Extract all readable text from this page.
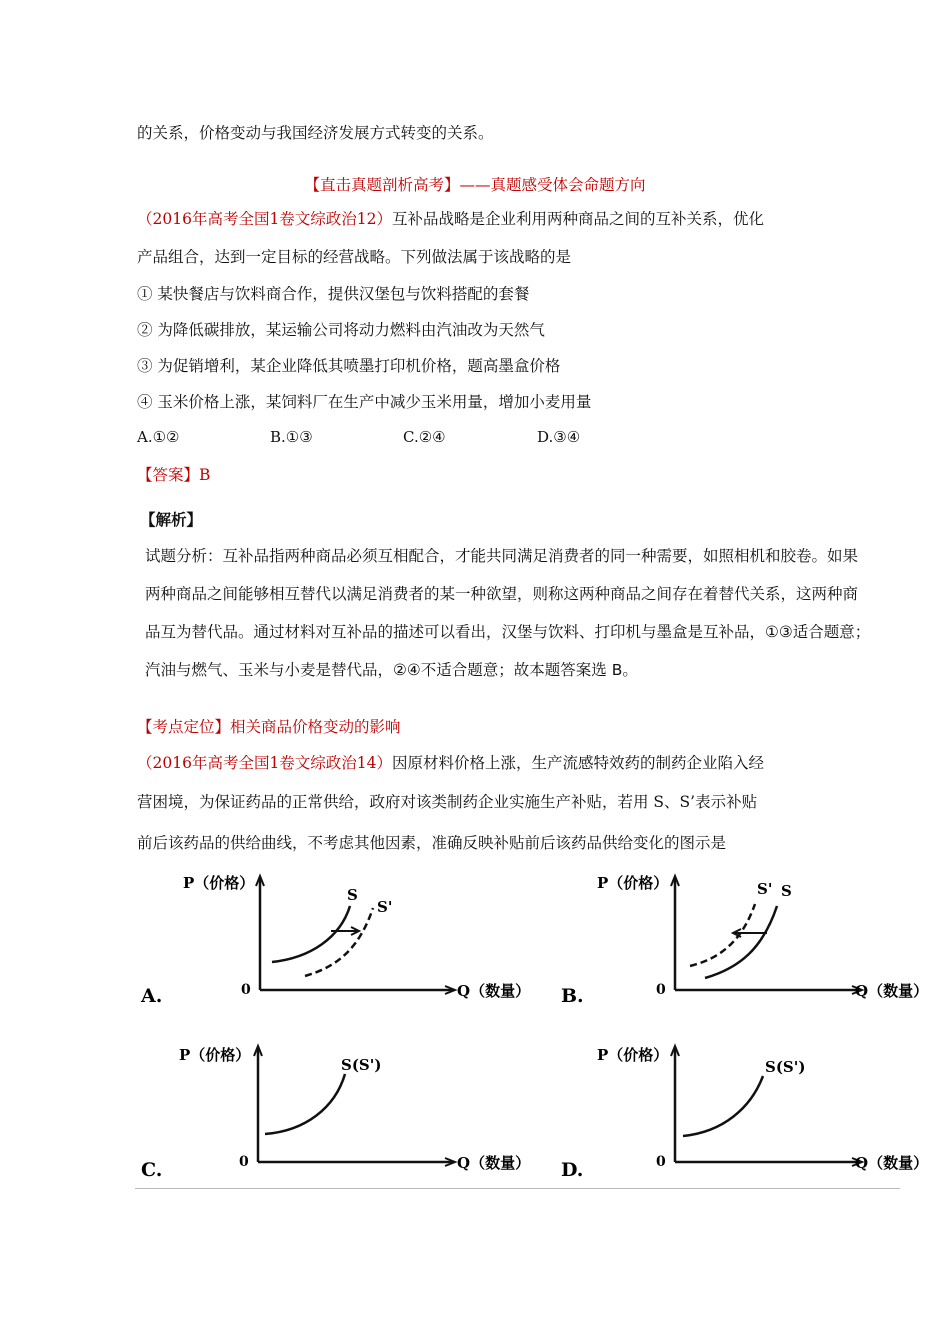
的关系，价格变动与我国经济发展方式转变的关系。
【直击真题剖析高考】——真题感受体会命题方向
（2016年高考全国1卷文综政治12）互补品战略是企业利用两种商品之间的互补关系，优化
产品组合，达到一定目标的经营战略。下列做法属于该战略的是
① 某快餐店与饮料商合作，提供汉堡包与饮料搭配的套餐
② 为降低碳排放，某运输公司将动力燃料由汽油改为天然气
③ 为促销增利，某企业降低其喷墨打印机价格，题高墨盒价格
④ 玉米价格上涨，某饲料厂在生产中减少玉米用量，增加小麦用量
A.①②	B.①③	C.②④	D.③④
【答案】B
【解析】
试题分析：互补品指两种商品必须互相配合，才能共同满足消费者的同一种需要，如照相机和胶卷。如果
两种商品之间能够相互替代以满足消费者的某一种欲望，则称这两种商品之间存在着替代关系，这两种商
品互为替代品。通过材料对互补品的描述可以看出，汉堡与饮料、打印机与墨盒是互补品，①③适合题意；
汽油与燃气、玉米与小麦是替代品，②④不适合题意；故本题答案选 B。
【考点定位】相关商品价格变动的影响
（2016年高考全国1卷文综政治14）因原材料价格上涨，生产流感特效药的制药企业陷入经
营困境，为保证药品的正常供给，政府对该类制药企业实施生产补贴，若用 S、S’表示补贴
前后该药品的供给曲线，不考虑其他因素，准确反映补贴前后该药品供给变化的图示是
P（价格）
0	Q（数量）
S
S'
A.
P（价格）
0	Q（数量）
S' S
B.
P（价格）
0	Q（数量）
S(S')
C.
P（价格）
0	Q（数量）
S(S')
D.
